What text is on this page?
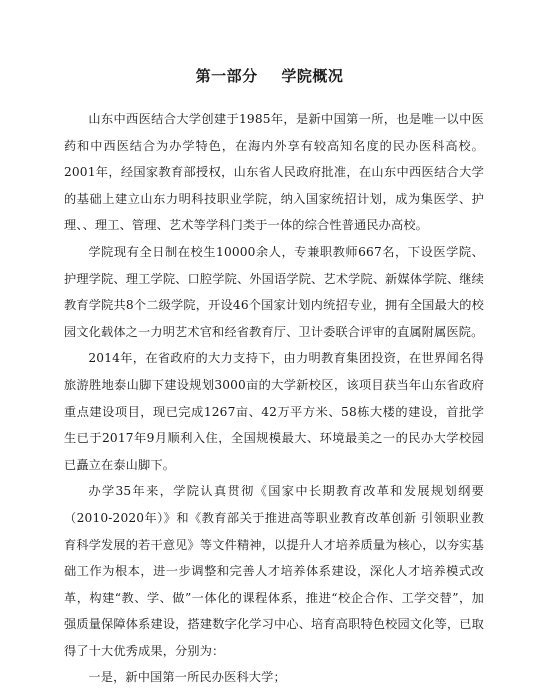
第一部分 学院概况

山东中西医结合大学创建于1985年，是新中国第一所，也是唯一以中医药和中西医结合为办学特色，在海内外享有较高知名度的民办医科高校。2001年，经国家教育部授权，山东省人民政府批准，在山东中西医结合大学的基础上建立山东力明科技职业学院，纳入国家统招计划，成为集医学、护理、、理工、管理、艺术等学科门类于一体的综合性普通民办高校。

学院现有全日制在校生10000余人，专兼职教师667名，下设医学院、护理学院、理工学院、口腔学院、外国语学院、艺术学院、新媒体学院、继续教育学院共8个二级学院，开设46个国家计划内统招专业，拥有全国最大的校园文化载体之一力明艺术官和经省教育厅、卫计委联合评审的直属附属医院。

2014年，在省政府的大力支持下，由力明教育集团投资，在世界闻名得旅游胜地泰山脚下建设规划3000亩的大学新校区，该项目获当年山东省政府重点建设项目，现已完成1267亩、42万平方米、58栋大楼的建设，首批学生已于2017年9月顺利入住，全国规模最大、环境最美之一的民办大学校园已矗立在泰山脚下。

办学35年来，学院认真贯彻《国家中长期教育改革和发展规划纲要（2010-2020年）》和《教育部关于推进高等职业教育改革创新 引领职业教育科学发展的若干意见》等文件精神，以提升人才培养质量为核心，以夯实基础工作为根本，进一步调整和完善人才培养体系建设，深化人才培养模式改革，构建“教、学、做”一体化的课程体系，推进“校企合作、工学交替”，加强质量保障体系建设，搭建数字化学习中心、培育高职特色校园文化等，已取得了十大优秀成果，分别为：

一是，新中国第一所民办医科大学；
